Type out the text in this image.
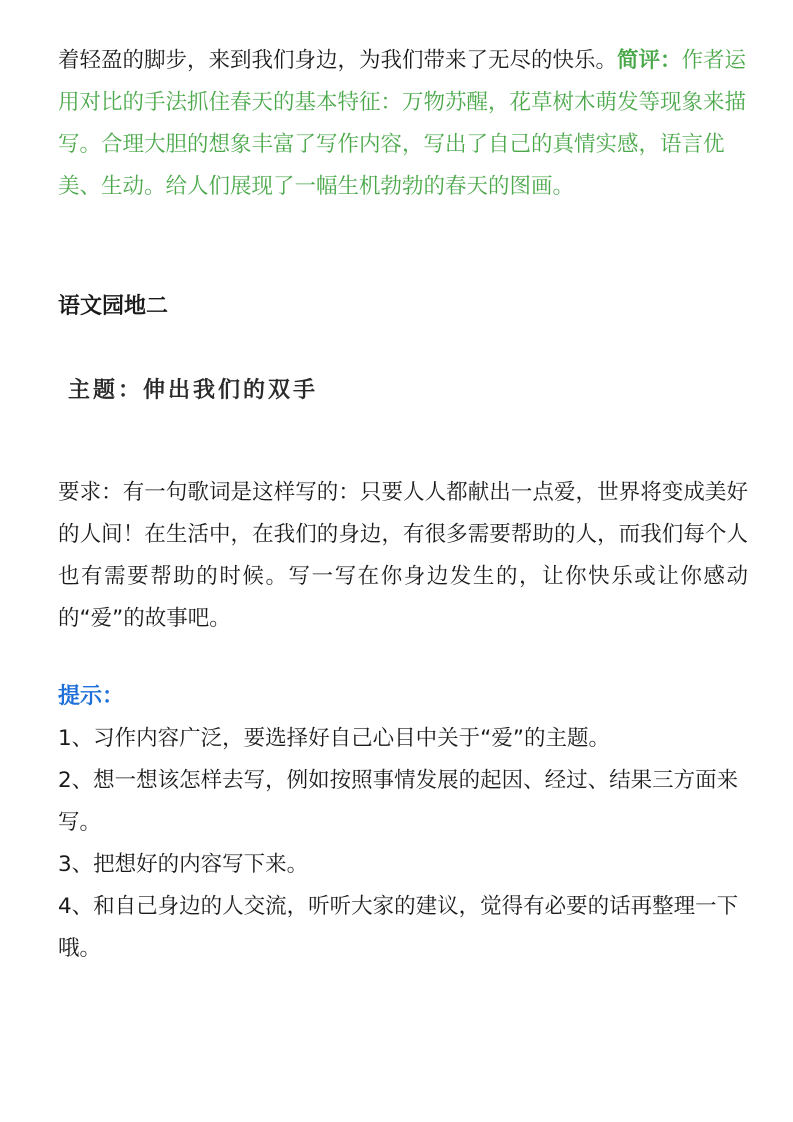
着轻盈的脚步，来到我们身边，为我们带来了无尽的快乐。简评：作者运用对比的手法抓住春天的基本特征：万物苏醒，花草树木萌发等现象来描写。合理大胆的想象丰富了写作内容，写出了自己的真情实感，语言优美、生动。给人们展现了一幅生机勃勃的春天的图画。

语文园地二
主题：伸出我们的双手

要求：有一句歌词是这样写的：只要人人都献出一点爱，世界将变成美好的人间！在生活中，在我们的身边，有很多需要帮助的人，而我们每个人也有需要帮助的时候。写一写在你身边发生的，让你快乐或让你感动的“爱”的故事吧。

提示：
1、习作内容广泛，要选择好自己心目中关于“爱”的主题。
2、想一想该怎样去写，例如按照事情发展的起因、经过、结果三方面来写。
3、把想好的内容写下来。
4、和自己身边的人交流，听听大家的建议，觉得有必要的话再整理一下哦。
